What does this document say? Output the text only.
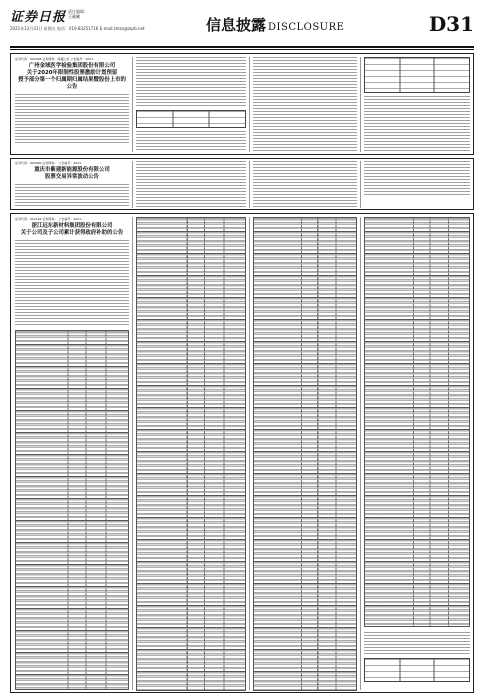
证券日报 责任编辑：
王藏曦
2021年12月31日 星期五 电话：010-83251716 E-mail:zmzx@zqrb.net	信息披露 DISCLOSURE	D31
证券代码：600398 证券简称：海澜之家 公告编号：2021-
广州金域医学检验集团股份有限公司
关于2020年限制性股票激励计划预留
授予部分第一个归属期归属结果暨股份上市的
公告
证券代码：603000 证券简称： 公告编号：2021-
重庆市紫建新能源股份有限公司
股票交易异常波动公告
证券代码：002146 证券简称： 公告编号：2021-
浙江远东新材料集团股份有限公司
关于公司及子公司累计获得政府补助的公告
